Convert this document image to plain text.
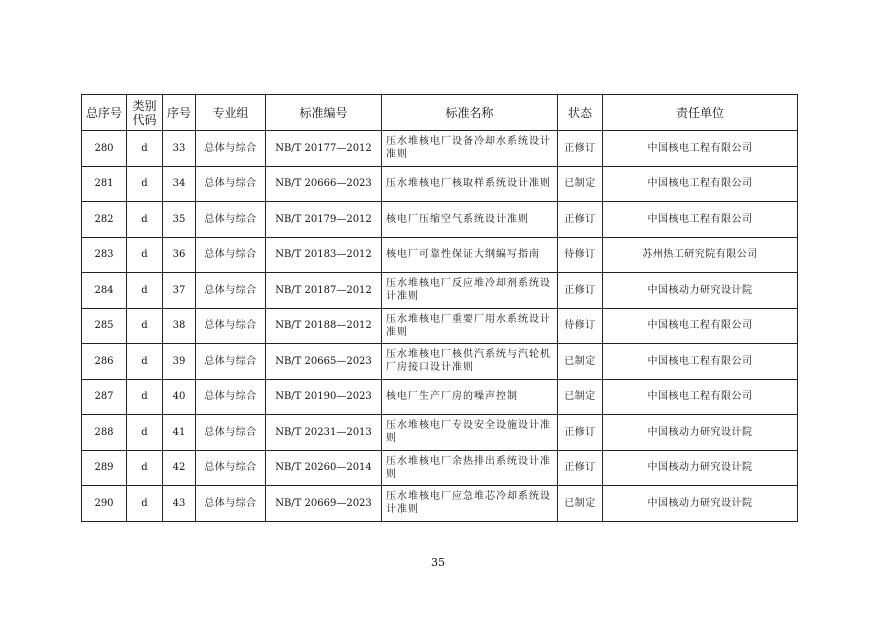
总序号	类别代码	序号	专业组	标准编号	标准名称	状态	责任单位
280	d	33	总体与综合	NB/T 20177—2012	压水堆核电厂设备冷却水系统设计准则	正修订	中国核电工程有限公司
281	d	34	总体与综合	NB/T 20666—2023	压水堆核电厂核取样系统设计准则	已制定	中国核电工程有限公司
282	d	35	总体与综合	NB/T 20179—2012	核电厂压缩空气系统设计准则	正修订	中国核电工程有限公司
283	d	36	总体与综合	NB/T 20183—2012	核电厂可靠性保证大纲编写指南	待修订	苏州热工研究院有限公司
284	d	37	总体与综合	NB/T 20187—2012	压水堆核电厂反应堆冷却剂系统设计准则	正修订	中国核动力研究设计院
285	d	38	总体与综合	NB/T 20188—2012	压水堆核电厂重要厂用水系统设计准则	待修订	中国核电工程有限公司
286	d	39	总体与综合	NB/T 20665—2023	压水堆核电厂核供汽系统与汽轮机厂房接口设计准则	已制定	中国核电工程有限公司
287	d	40	总体与综合	NB/T 20190—2023	核电厂生产厂房的噪声控制	已制定	中国核电工程有限公司
288	d	41	总体与综合	NB/T 20231—2013	压水堆核电厂专设安全设施设计准则	正修订	中国核动力研究设计院
289	d	42	总体与综合	NB/T 20260—2014	压水堆核电厂余热排出系统设计准则	正修订	中国核动力研究设计院
290	d	43	总体与综合	NB/T 20669—2023	压水堆核电厂应急堆芯冷却系统设计准则	已制定	中国核动力研究设计院
35
